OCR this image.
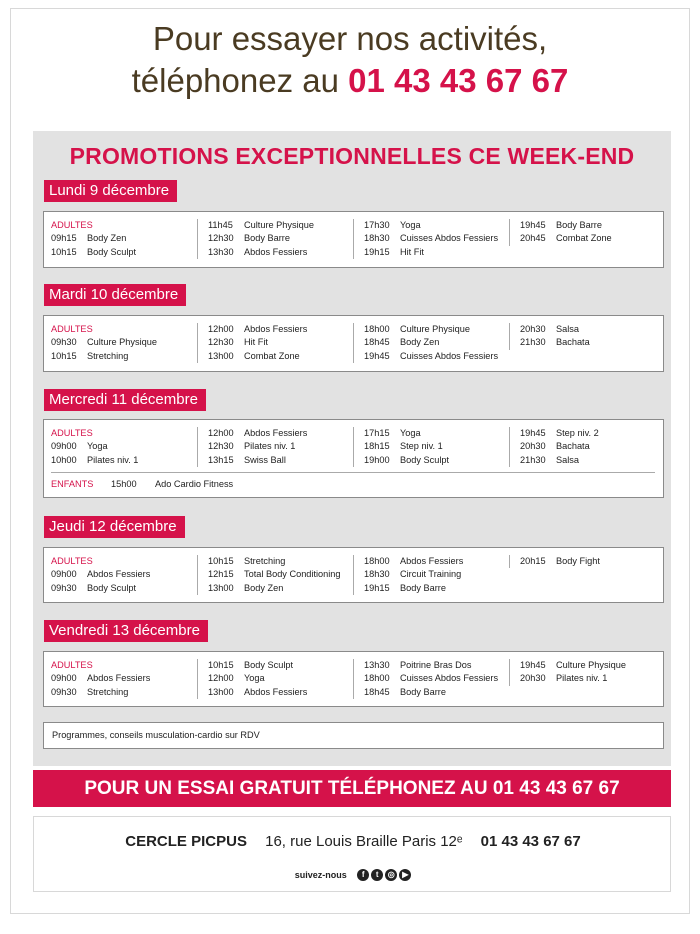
Pour essayer nos activités,
téléphonez au 01 43 43 67 67
PROMOTIONS EXCEPTIONNELLES CE WEEK-END
Programmes, conseils musculation-cardio sur RDV
Lundi 9 décembre
ADULTES
09h15 Body Zen
10h15 Body Sculpt
11h45 Culture Physique
12h30 Body Barre
13h30 Abdos Fessiers
17h30 Yoga
18h30 Cuisses Abdos Fessiers
19h15 Hit Fit
19h45 Body Barre
20h45 Combat Zone
Mardi 10 décembre
ADULTES
09h30 Culture Physique
10h15 Stretching
12h00 Abdos Fessiers
12h30 Hit Fit
13h00 Combat Zone
18h00 Culture Physique
18h45 Body Zen
19h45 Cuisses Abdos Fessiers
20h30 Salsa
21h30 Bachata
Mercredi 11 décembre
ADULTES
09h00 Yoga
10h00 Pilates niv. 1
12h00 Abdos Fessiers
12h30 Pilates niv. 1
13h15 Swiss Ball
17h15 Yoga
18h15 Step niv. 1
19h00 Body Sculpt
19h45 Step niv. 2
20h30 Bachata
21h30 Salsa
ENFANTS 15h00 Ado Cardio Fitness
Jeudi 12 décembre
ADULTES
09h00 Abdos Fessiers
09h30 Body Sculpt
10h15 Stretching
12h15 Total Body Conditioning
13h00 Body Zen
18h00 Abdos Fessiers
18h30 Circuit Training
19h15 Body Barre
20h15 Body Fight
Vendredi 13 décembre
ADULTES
09h00 Abdos Fessiers
09h30 Stretching
10h15 Body Sculpt
12h00 Yoga
13h00 Abdos Fessiers
13h30 Poitrine Bras Dos
18h00 Cuisses Abdos Fessiers
18h45 Body Barre
19h45 Culture Physique
20h30 Pilates niv. 1
POUR UN ESSAI GRATUIT TÉLÉPHONEZ AU 01 43 43 67 67
CERCLE PICPUS 16, rue Louis Braille Paris 12ᵉ 01 43 43 67 67
suivez-nous f t ◎ ▶
